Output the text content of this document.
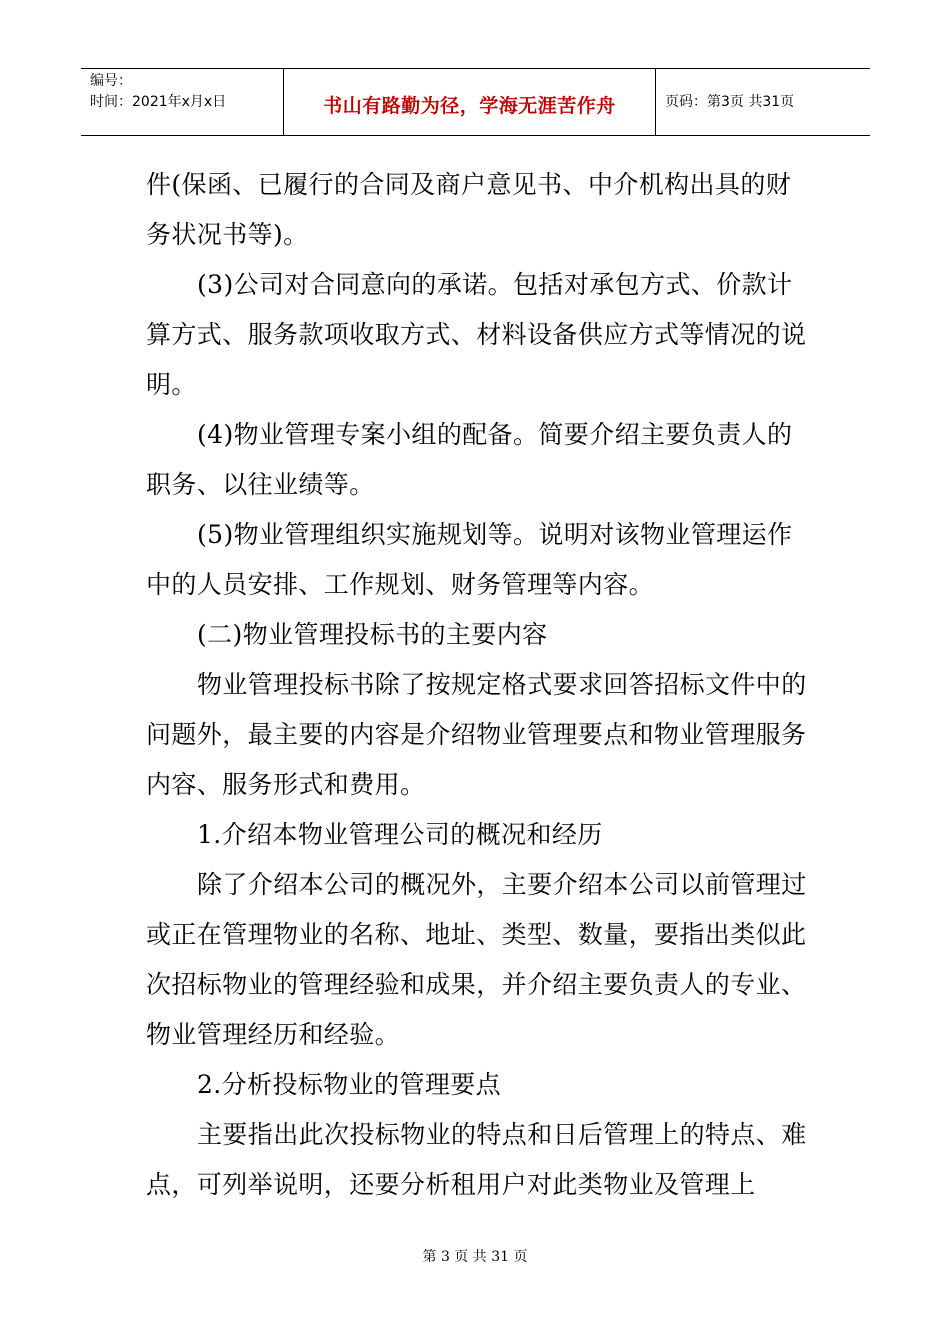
编号：
时间：2021年x月x日	书山有路勤为径，学海无涯苦作舟	页码：第3页 共31页

件(保函、已履行的合同及商户意见书、中介机构出具的财务状况书等)。

(3)公司对合同意向的承诺。包括对承包方式、价款计算方式、服务款项收取方式、材料设备供应方式等情况的说明。

(4)物业管理专案小组的配备。简要介绍主要负责人的职务、以往业绩等。

(5)物业管理组织实施规划等。说明对该物业管理运作中的人员安排、工作规划、财务管理等内容。

(二)物业管理投标书的主要内容

物业管理投标书除了按规定格式要求回答招标文件中的问题外，最主要的内容是介绍物业管理要点和物业管理服务内容、服务形式和费用。

1.介绍本物业管理公司的概况和经历

除了介绍本公司的概况外，主要介绍本公司以前管理过或正在管理物业的名称、地址、类型、数量，要指出类似此次招标物业的管理经验和成果，并介绍主要负责人的专业、物业管理经历和经验。

2.分析投标物业的管理要点

主要指出此次投标物业的特点和日后管理上的特点、难点，可列举说明，还要分析租用户对此类物业及管理上

第 3 页 共 31 页
